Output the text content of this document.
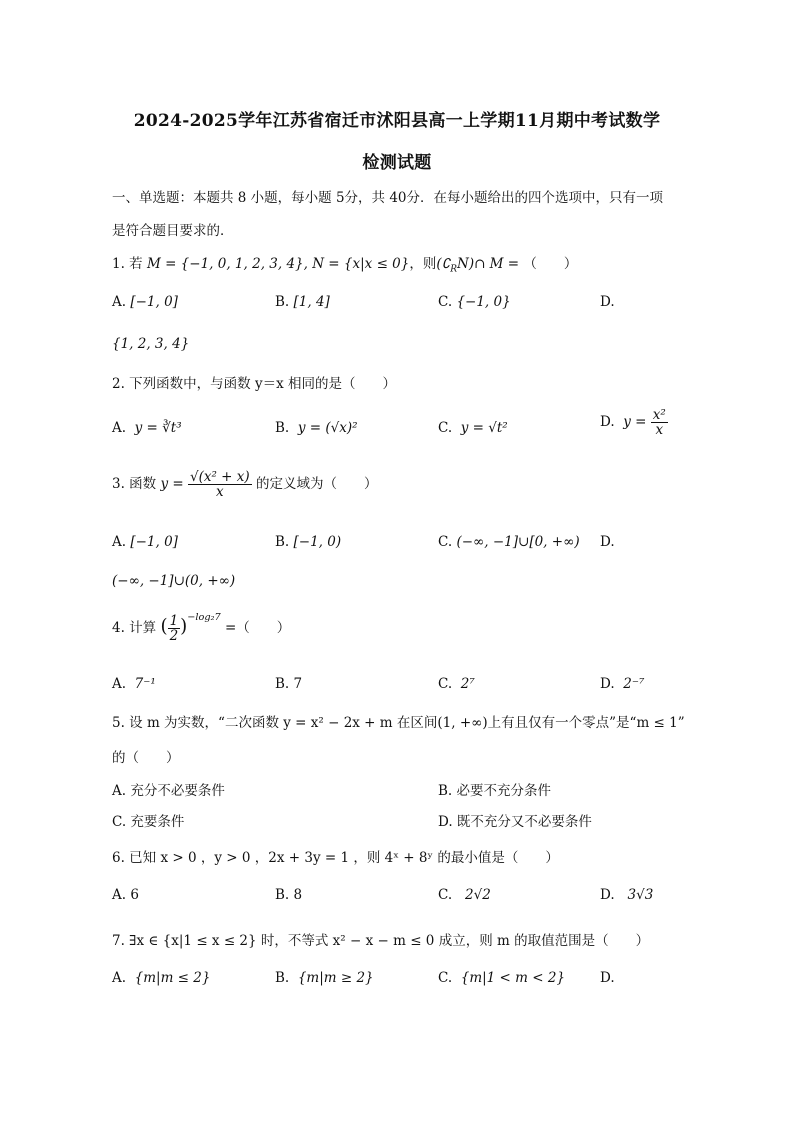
2024-2025学年江苏省宿迁市沭阳县高一上学期11月期中考试数学
检测试题
一、单选题：本题共 8 小题，每小题 5分，共 40分．在每小题给出的四个选项中，只有一项
是符合题目要求的．
1. 若 M = {−1, 0, 1, 2, 3, 4}, N = {x|x ≤ 0}，则$(∁_RN)\cap$ M = （　　）
A. [−1, 0]	B. [1, 4]	C. {−1, 0}	D.
{1, 2, 3, 4}
2. 下列函数中，与函数 y＝x 相同的是（　　）
A. y = ∛t³	B. y = (√x)²	C. y = √t²	D. $y = \frac{\text{x²}}{x}$
3. 函数 $y = \frac{\text{√(x² + x)}}{x}$ 的定义域为（　　）
A. [−1, 0]	B. [−1, 0)	C. (−∞, −1]∪[0, +∞) D.
(−∞, −1]∪(0, +∞)
4. 计算 ( $\frac{1}{2} )^{-log_27}$ =（　　）
A. 7⁻¹	B. 7	C. 2⁷	D. 2⁻⁷
5. 设 m 为实数，“二次函数 y = x² − 2x + m 在区间(1, +∞)上有且仅有一个零点”是“m ≤ 1”
的（　　）
A. 充分不必要条件	B. 必要不充分条件
C. 充要条件	D. 既不充分又不必要条件
6. 已知 x > 0 ，y > 0 ，2x + 3y = 1 ，则 4ˣ + 8ʸ 的最小值是（　　）
A. 6	B. 8	C. 2√2	D. 3√3
7. ∃x ∈ {x|1 ≤ x ≤ 2} 时，不等式 x² − x − m ≤ 0 成立，则 m 的取值范围是（　　）
A. {m|m ≤ 2}	B. {m|m ≥ 2}	C. {m|1 < m < 2}	D.
